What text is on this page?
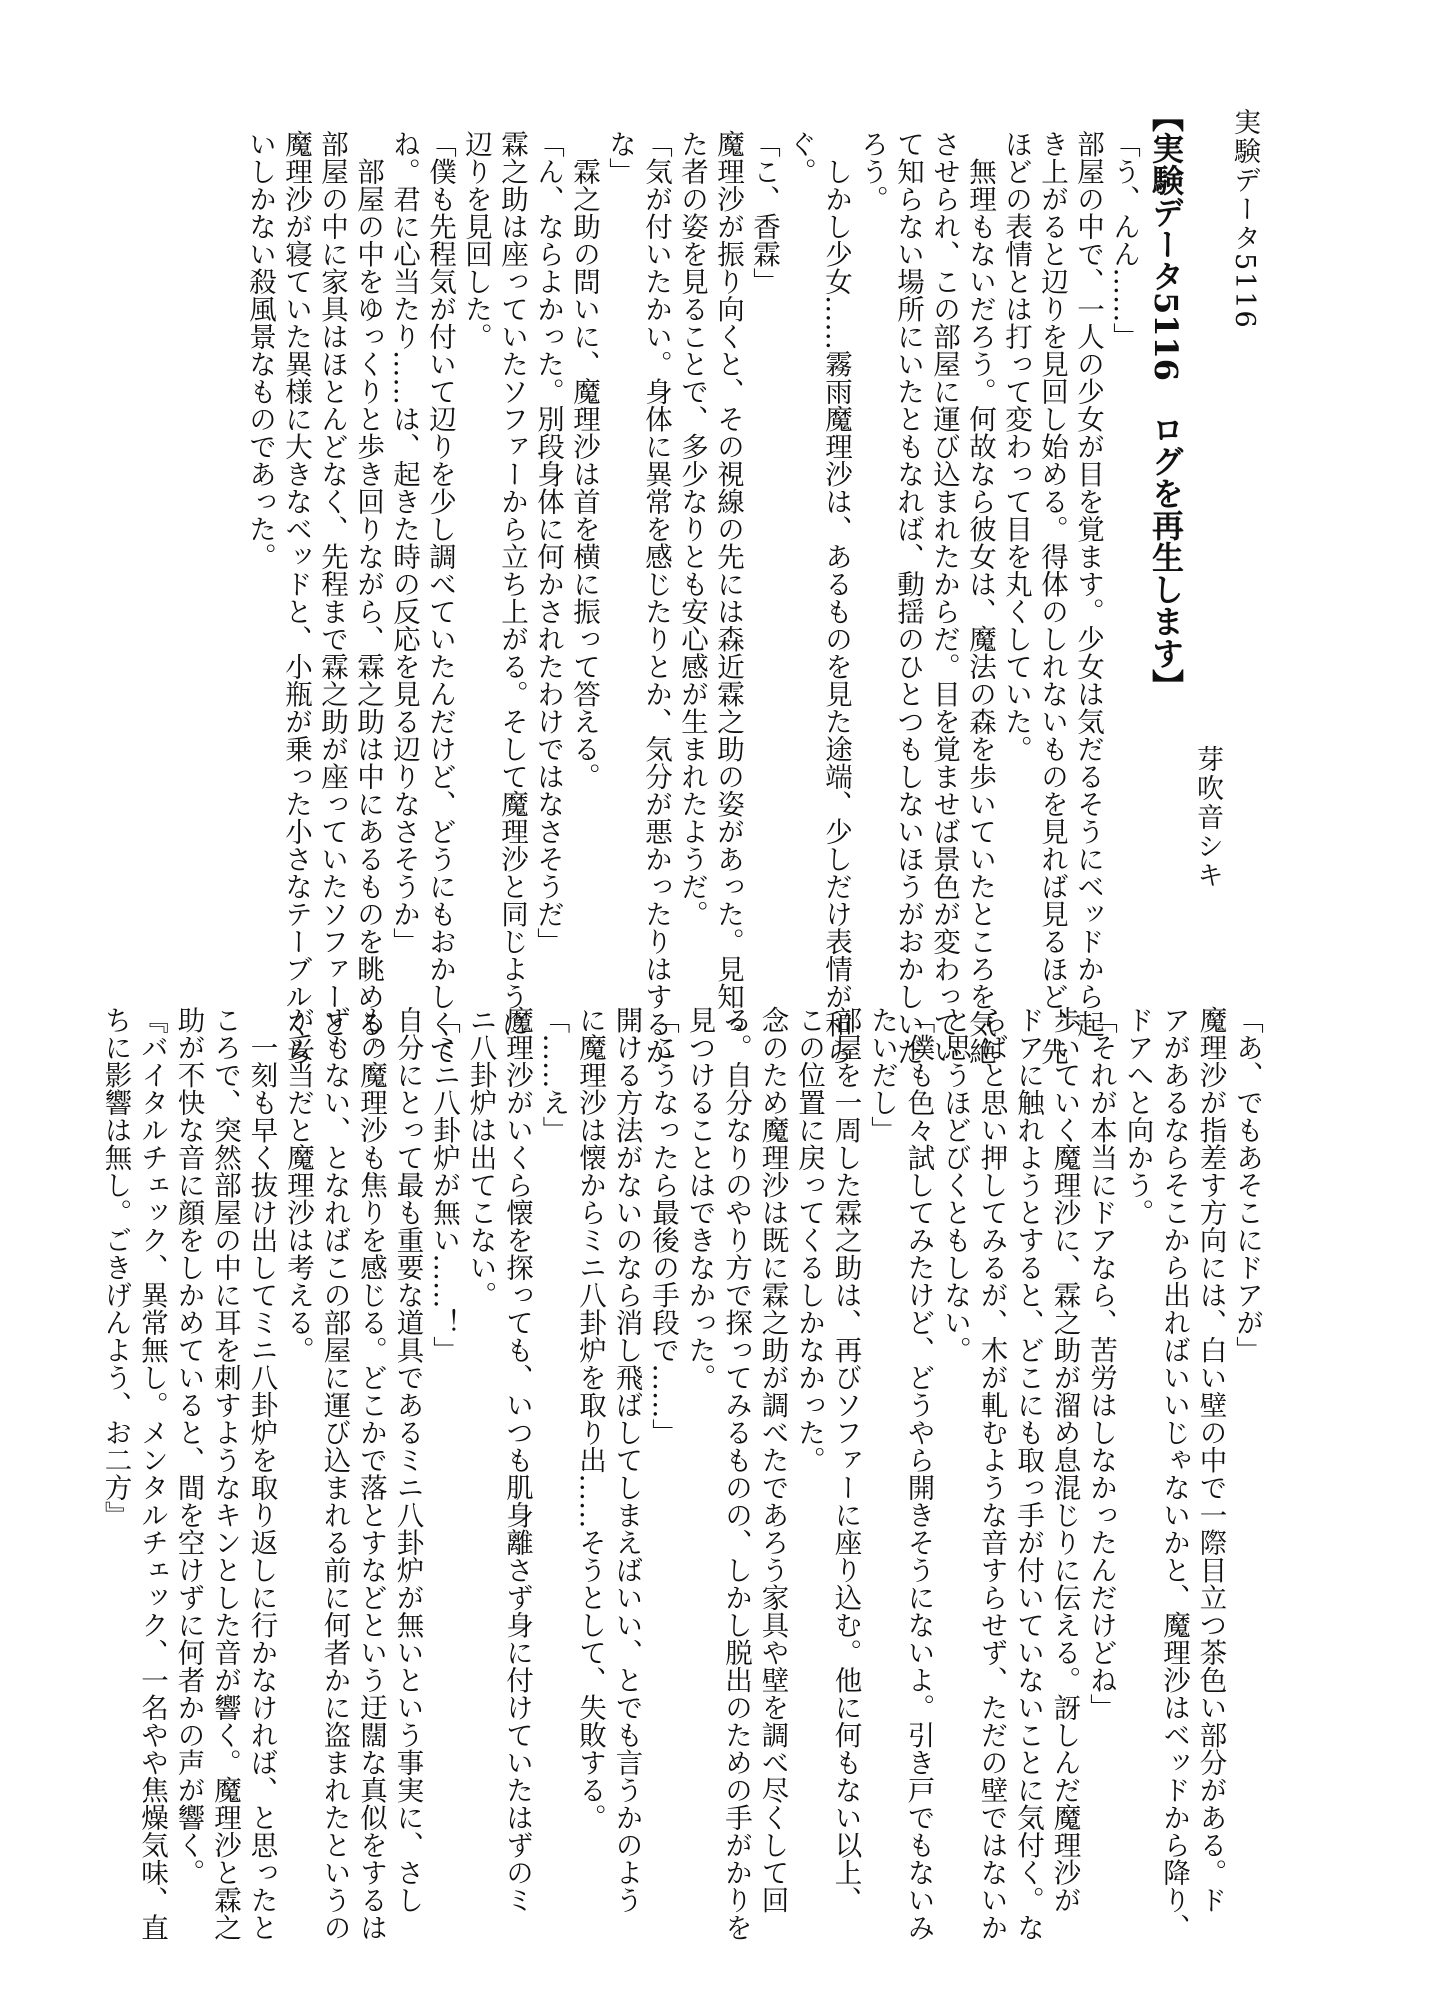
実験データ5116
芽吹音シキ
【実験データ5116　ログを再生します】
「う、んん……」
部屋の中で、一人の少女が目を覚ます。少女は気だるそうにベッドから起
き上がると辺りを見回し始める。得体のしれないものを見れば見るほど、先
ほどの表情とは打って変わって目を丸くしていた。
　無理もないだろう。何故なら彼女は、魔法の森を歩いていたところを気絶
させられ、この部屋に運び込まれたからだ。目を覚ませば景色が変わってい
て知らない場所にいたともなれば、動揺のひとつもしないほうがおかしいだ
ろう。
　しかし少女……霧雨魔理沙は、あるものを見た途端、少しだけ表情が和ら
ぐ。
「こ、香霖」
魔理沙が振り向くと、その視線の先には森近霖之助の姿があった。見知っ
た者の姿を見ることで、多少なりとも安心感が生まれたようだ。
「気が付いたかい。身体に異常を感じたりとか、気分が悪かったりはするか
な」
　霖之助の問いに、魔理沙は首を横に振って答える。
「ん、ならよかった。別段身体に何かされたわけではなさそうだ」
霖之助は座っていたソファーから立ち上がる。そして魔理沙と同じように
辺りを見回した。
「僕も先程気が付いて辺りを少し調べていたんだけど、どうにもおかしくて
ね。君に心当たり……は、起きた時の反応を見る辺りなさそうか」
　部屋の中をゆっくりと歩き回りながら、霖之助は中にあるものを眺める。
部屋の中に家具はほとんどなく、先程まで霖之助が座っていたソファーと、
魔理沙が寝ていた異様に大きなベッドと、小瓶が乗った小さなテーブルくら
いしかない殺風景なものであった。
「あ、でもあそこにドアが」
魔理沙が指差す方向には、白い壁の中で一際目立つ茶色い部分がある。ド
アがあるならそこから出ればいいじゃないかと、魔理沙はベッドから降り、
ドアへと向かう。
「それが本当にドアなら、苦労はしなかったんだけどね」
歩いていく魔理沙に、霖之助が溜め息混じりに伝える。訝しんだ魔理沙が
ドアに触れようとすると、どこにも取っ手が付いていないことに気付く。な
らばと思い押してみるが、木が軋むような音すらせず、ただの壁ではないか
と思うほどびくともしない。
「僕も色々試してみたけど、どうやら開きそうにないよ。引き戸でもないみ
たいだし」
部屋を一周した霖之助は、再びソファーに座り込む。他に何もない以上、
この位置に戻ってくるしかなかった。
念のため魔理沙は既に霖之助が調べたであろう家具や壁を調べ尽くして回
る。自分なりのやり方で探ってみるものの、しかし脱出のための手がかりを
見つけることはできなかった。
「こうなったら最後の手段で……」
開ける方法がないのなら消し飛ばしてしまえばいい、とでも言うかのよう
に魔理沙は懐からミニ八卦炉を取り出……そうとして、失敗する。
「……え」
魔理沙がいくら懐を探っても、いつも肌身離さず身に付けていたはずのミ
ニ八卦炉は出てこない。
「ミニ八卦炉が無い……！」
自分にとって最も重要な道具であるミニ八卦炉が無いという事実に、さし
もの魔理沙も焦りを感じる。どこかで落とすなどという迂闊な真似をするは
ずもない、となればこの部屋に運び込まれる前に何者かに盗まれたというの
が妥当だと魔理沙は考える。
　一刻も早く抜け出してミニ八卦炉を取り返しに行かなければ、と思ったと
ころで、突然部屋の中に耳を刺すようなキンとした音が響く。魔理沙と霖之
助が不快な音に顔をしかめていると、間を空けずに何者かの声が響く。
『バイタルチェック、異常無し。メンタルチェック、一名やや焦燥気味、直
ちに影響は無し。ごきげんよう、お二方』
